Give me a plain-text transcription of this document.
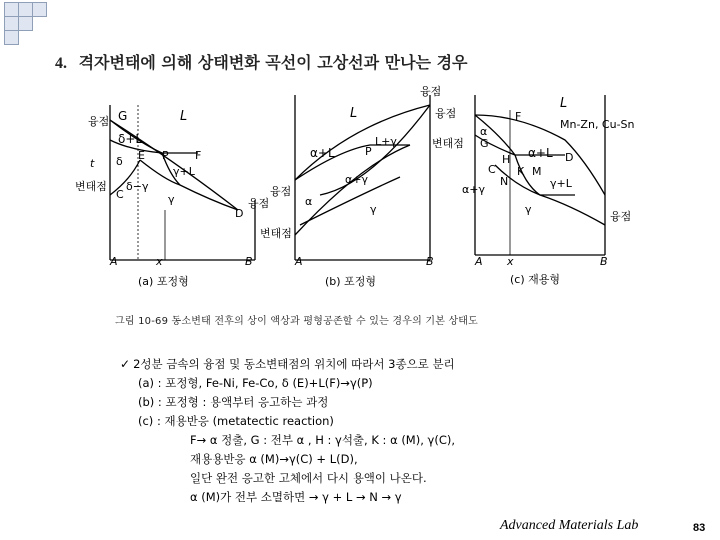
4. 격자변태에 의해 상태변화 곡선이 고상선과 만나는 경우
융점
변태점
G	L
δ+L
E P F
t δ
γ+L
δ−γ
C	γ
D
융점
x
A	B
(a) 포정형
융점
L
α+L	P
L+γ
α+γ
α
γ
융점
변태점
A	B
(b) 포정형
L
융점
변태점
F
α
G
α+L
H
C
D
K M
N
α+γ	γ+L
γ
융점
x
A	B
(c) 재용형
Mn-Zn, Cu-Sn
그림 10-69 동소변태 전후의 상이 액상과 평형공존할 수 있는 경우의 기본 상태도
✓ 2성분 금속의 융점 및 동소변태점의 위치에 따라서 3종으로 분리
(a) : 포정형, Fe-Ni, Fe-Co, δ (E)+L(F)→γ(P)
(b) : 포정형 : 용액부터 응고하는 과정
(c) : 재용반응 (metatectic reaction)
F→ α 정출, G : 전부 α , H : γ석출, K : α (M), γ(C),
재용용반응 α (M)→γ(C) + L(D),
일단 완전 응고한 고체에서 다시 용액이 나온다.
α (M)가 전부 소멸하면 → γ + L → N → γ
Advanced Materials Lab	83
